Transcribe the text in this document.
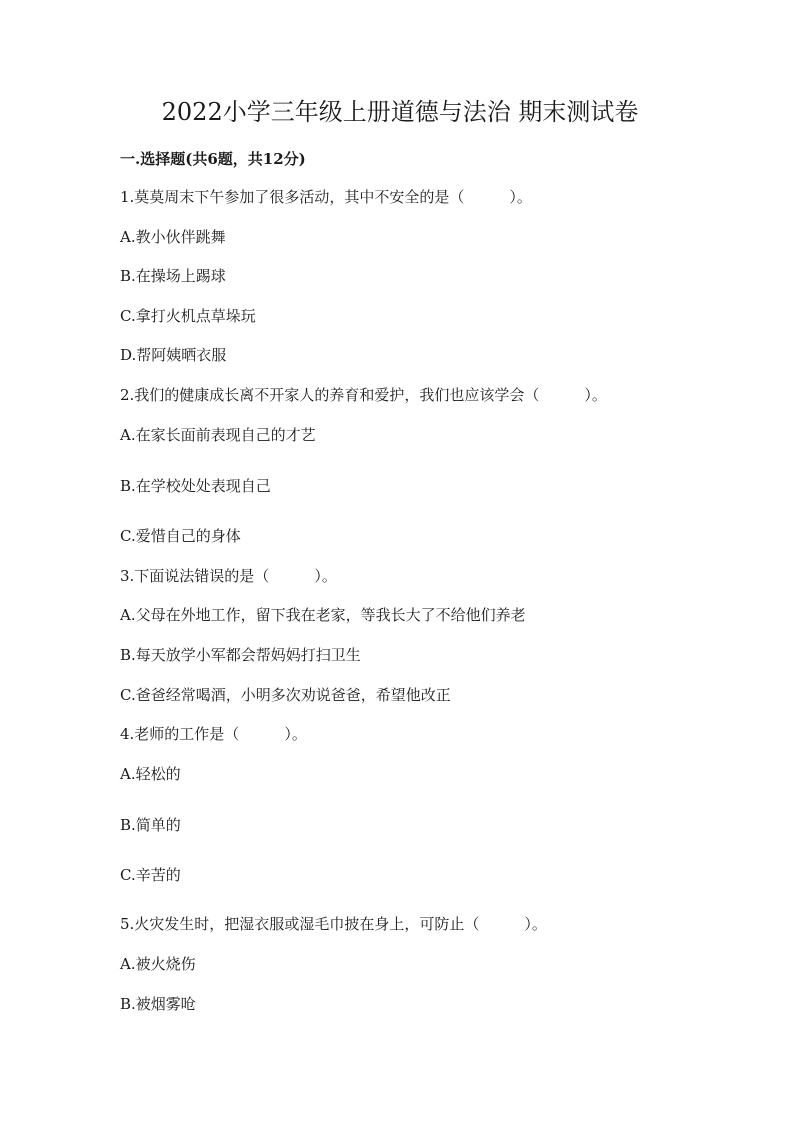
2022小学三年级上册道德与法治 期末测试卷
一.选择题(共6题，共12分)
1.莫莫周末下午参加了很多活动，其中不安全的是（　　　）。
A.教小伙伴跳舞
B.在操场上踢球
C.拿打火机点草垛玩
D.帮阿姨晒衣服
2.我们的健康成长离不开家人的养育和爱护，我们也应该学会（　　　）。
A.在家长面前表现自己的才艺
B.在学校处处表现自己
C.爱惜自己的身体
3.下面说法错误的是（　　　）。
A.父母在外地工作，留下我在老家，等我长大了不给他们养老
B.每天放学小军都会帮妈妈打扫卫生
C.爸爸经常喝酒，小明多次劝说爸爸，希望他改正
4.老师的工作是（　　　）。
A.轻松的
B.简单的
C.辛苦的
5.火灾发生时，把湿衣服或湿毛巾披在身上，可防止（　　　）。
A.被火烧伤
B.被烟雾呛
